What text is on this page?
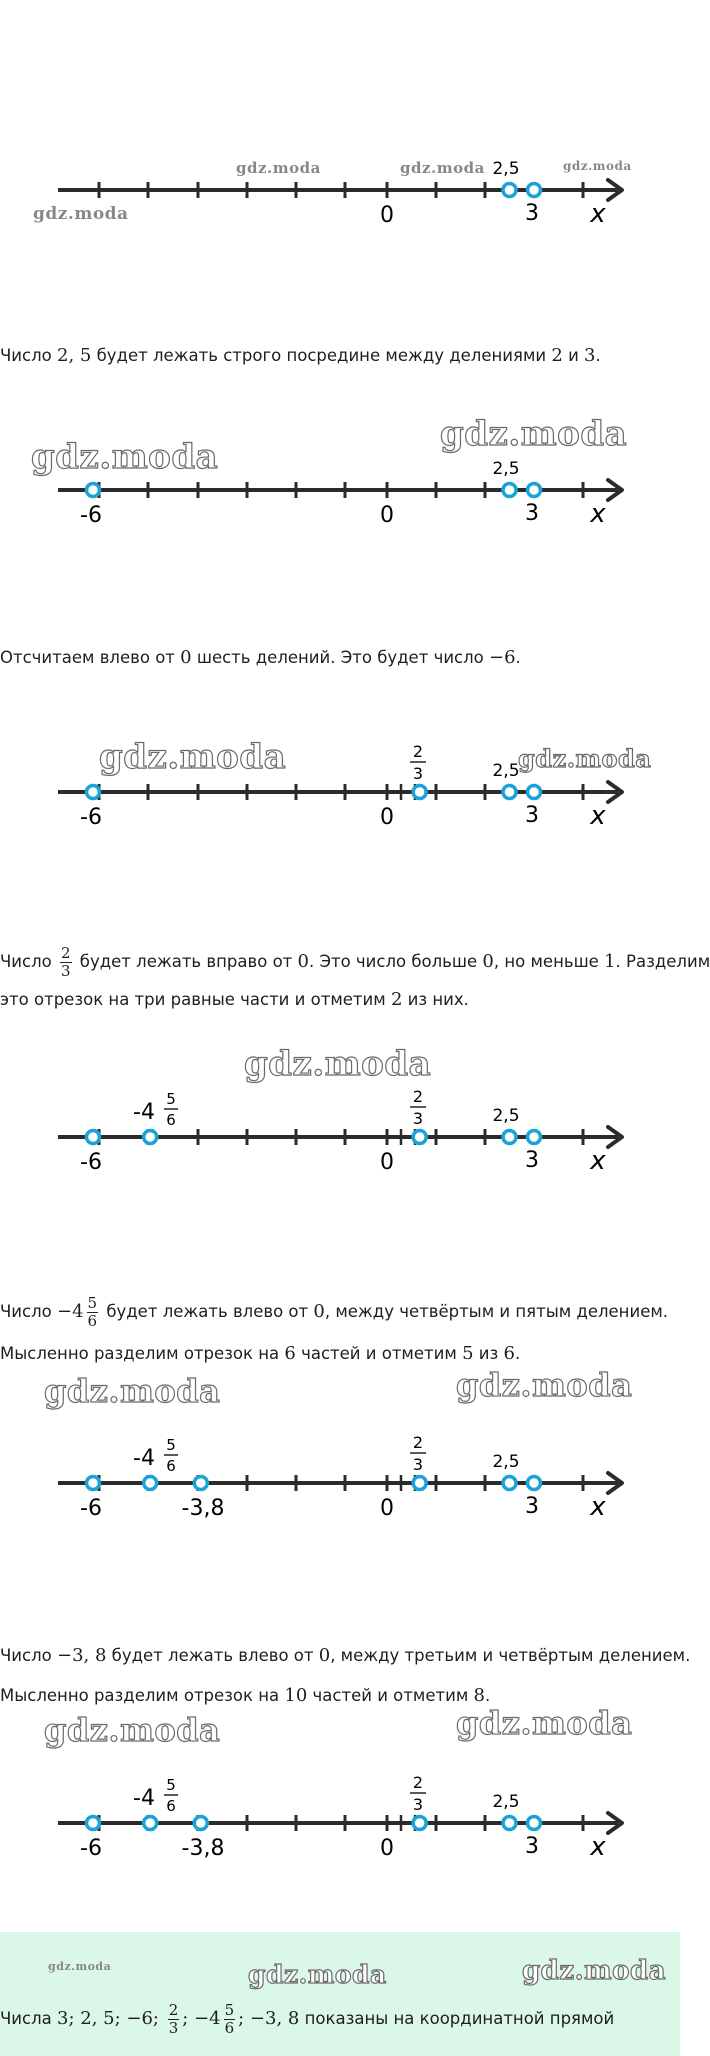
2,5
0	3 x
gdz.moda	gdz.moda	gdz.moda
gdz.moda
Число 2, 5 будет лежать строго посредине между делениями 2 и 3.
2,5
-6	0	3 x
gdz.moda
gdz.moda
Отсчитаем влево от 0 шесть делений. Это будет число −6.
2
3	2,5
-6	0	3 x
gdz.moda	gdz.moda
Число $\frac{2}{3}$ будет лежать вправо от 0. Это число больше 0, но меньше 1. Разделим
это отрезок на три равные части и отметим 2 из них.
-4
5
6
2
3	2,5
-6	0	3 x
gdz.moda
Число $-4 \frac{5}{6}$ будет лежать влево от 0, между четвёртым и пятым делением.
Мысленно разделим отрезок на 6 частей и отметим 5 из 6.
-4
5
6
2
3	2,5
-6	-3,8	0	3 x
gdz.moda	gdz.moda
Число −3, 8 будет лежать влево от 0, между третьим и четвёртым делением.
Мысленно разделим отрезок на 10 частей и отметим 8.
-4
5
6
2
3	2,5
-6	-3,8	0	3 x
gdz.moda	gdz.moda
gdz.moda	gdz.moda	gdz.moda
Числа 3; 2, 5; −6; $\frac{2}{3}$ ; $-4 \frac{5}{6}$ ; −3, 8 показаны на координатной прямой
